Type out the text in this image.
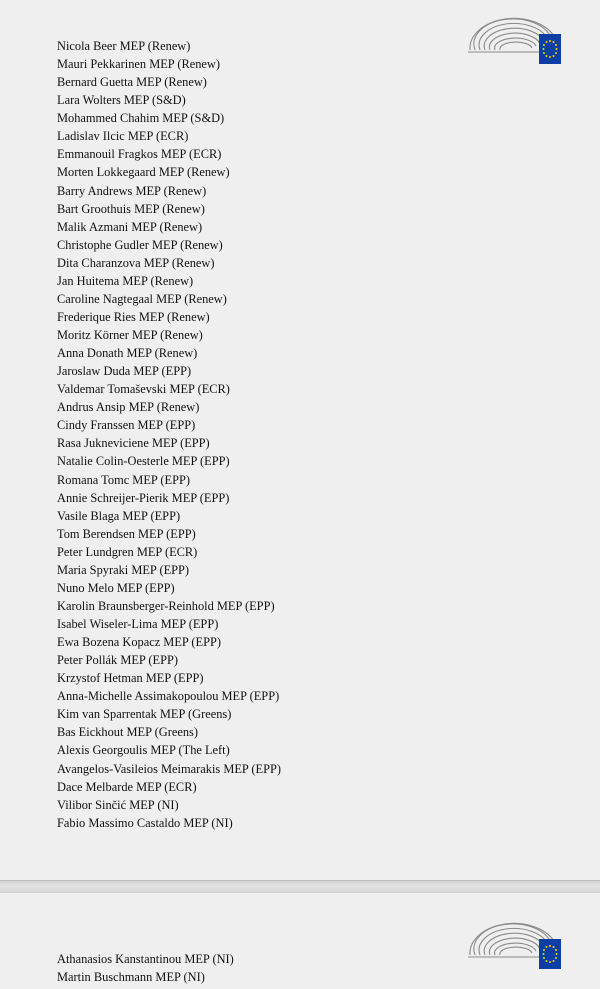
Nicola Beer MEP (Renew)
Mauri Pekkarinen MEP (Renew)
Bernard Guetta MEP (Renew)
Lara Wolters MEP (S&D)
Mohammed Chahim MEP (S&D)
Ladislav Ilcic MEP (ECR)
Emmanouil Fragkos MEP (ECR)
Morten Lokkegaard MEP (Renew)
Barry Andrews MEP (Renew)
Bart Groothuis MEP (Renew)
Malik Azmani MEP (Renew)
Christophe Gudler MEP (Renew)
Dita Charanzova MEP (Renew)
Jan Huitema MEP (Renew)
Caroline Nagtegaal MEP (Renew)
Frederique Ries MEP (Renew)
Moritz Körner MEP (Renew)
Anna Donath MEP (Renew)
Jaroslaw Duda MEP (EPP)
Valdemar Tomaševski MEP (ECR)
Andrus Ansip MEP (Renew)
Cindy Franssen MEP (EPP)
Rasa Jukneviciene MEP (EPP)
Natalie Colin-Oesterle MEP (EPP)
Romana Tomc MEP (EPP)
Annie Schreijer-Pierik MEP (EPP)
Vasile Blaga MEP (EPP)
Tom Berendsen MEP (EPP)
Peter Lundgren MEP (ECR)
Maria Spyraki MEP (EPP)
Nuno Melo MEP (EPP)
Karolin Braunsberger-Reinhold MEP (EPP)
Isabel Wiseler-Lima MEP (EPP)
Ewa Bozena Kopacz MEP (EPP)
Peter Pollák MEP (EPP)
Krzystof Hetman MEP (EPP)
Anna-Michelle Assimakopoulou MEP (EPP)
Kim van Sparrentak MEP (Greens)
Bas Eickhout MEP (Greens)
Alexis Georgoulis MEP (The Left)
Avangelos-Vasileios Meimarakis MEP (EPP)
Dace Melbarde MEP (ECR)
Vilibor Sinčić MEP (NI)
Fabio Massimo Castaldo MEP (NI)
Athanasios Kanstantinou MEP (NI)
Martin Buschmann MEP (NI)
